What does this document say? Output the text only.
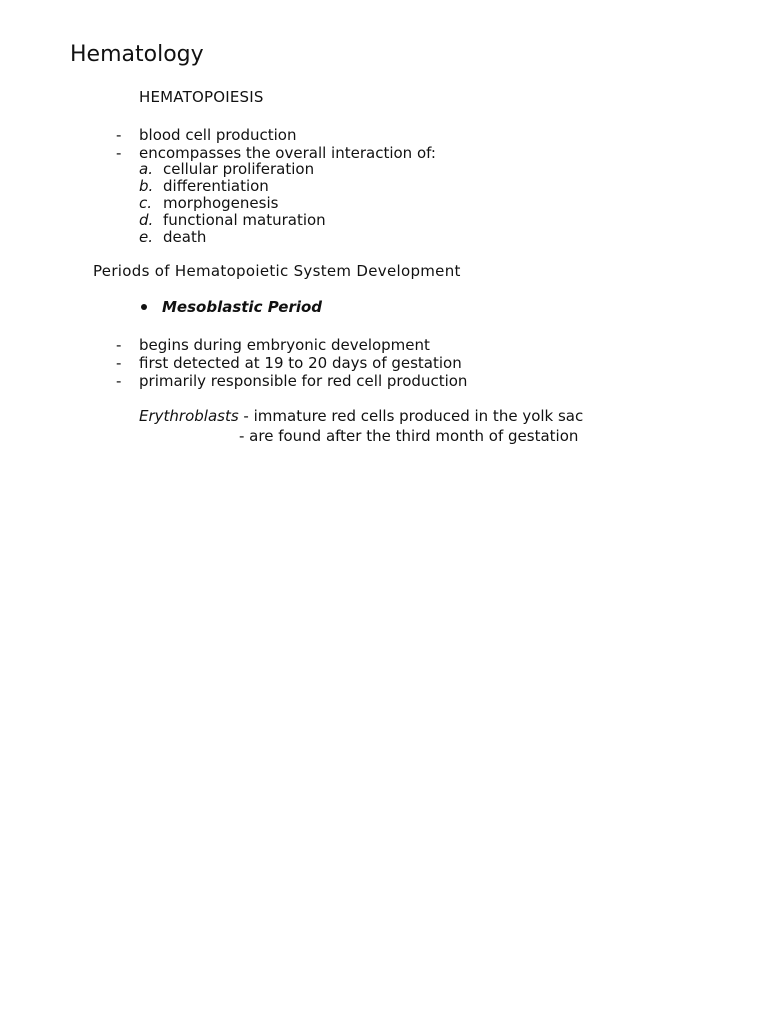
Hematology
HEMATOPOIESIS
- blood cell production
- encompasses the overall interaction of:
a. cellular proliferation
b. differentiation
c. morphogenesis
d. functional maturation
e. death
Periods of Hematopoietic System Development
Mesoblastic Period
- begins during embryonic development
- first detected at 19 to 20 days of gestation
- primarily responsible for red cell production
Erythroblasts - immature red cells produced in the yolk sac
- are found after the third month of gestation
